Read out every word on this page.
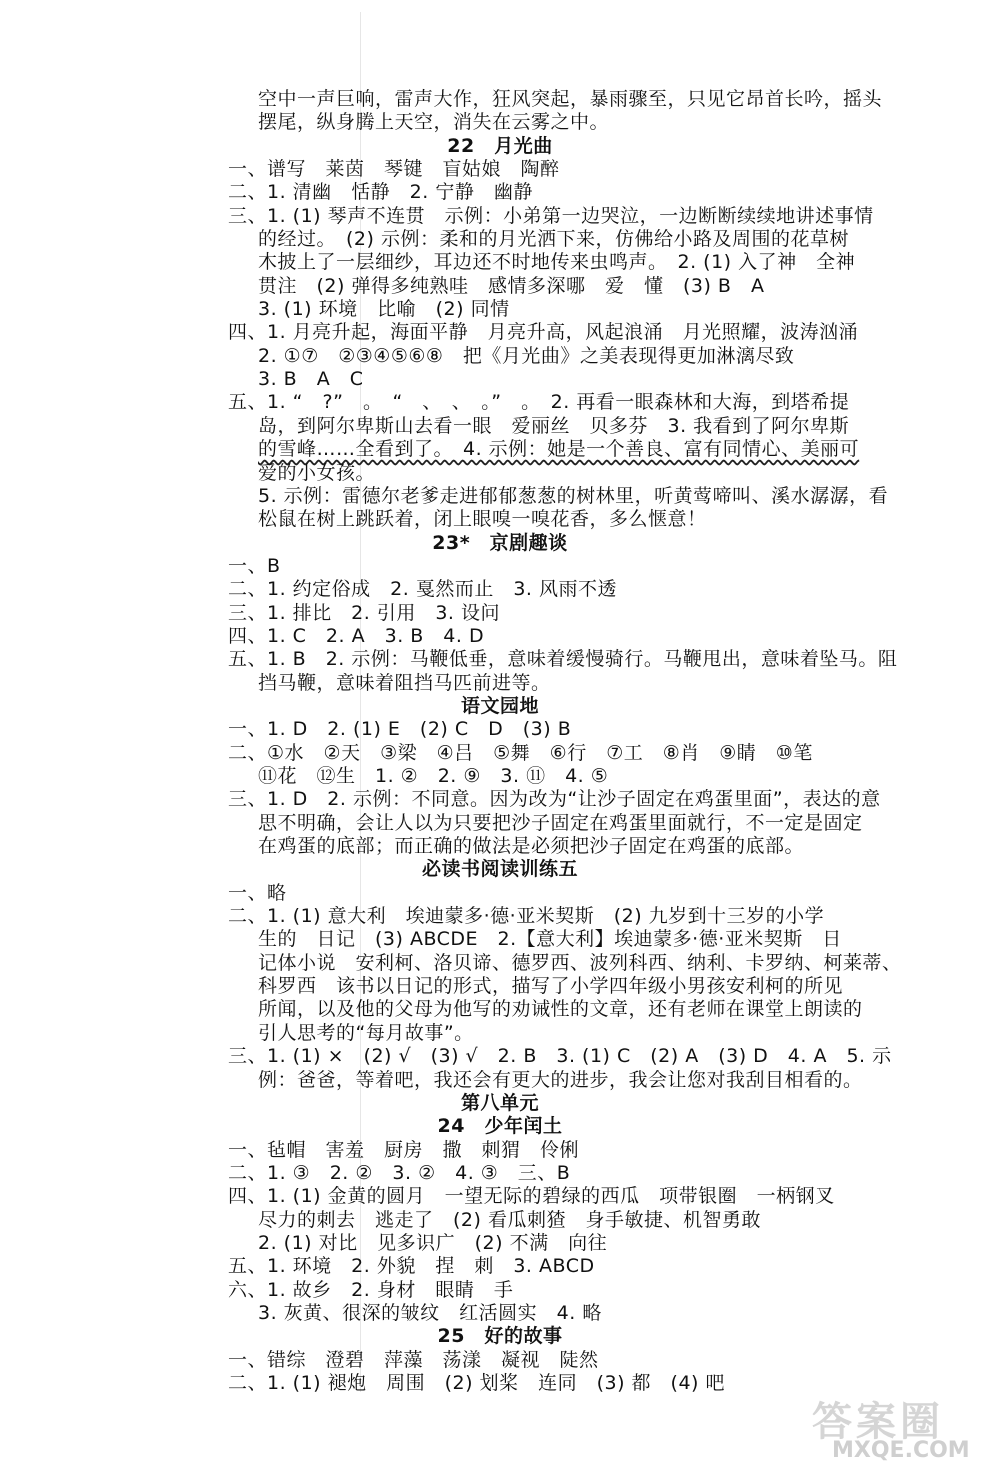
空中一声巨响，雷声大作，狂风突起，暴雨骤至，只见它昂首长吟，摇头
摆尾，纵身腾上天空，消失在云雾之中。
22　月光曲
一、谱写　莱茵　琴键　盲姑娘　陶醉
二、1. 清幽　恬静　2. 宁静　幽静
三、1. (1) 琴声不连贯　示例：小弟第一边哭泣，一边断断续续地讲述事情
的经过。　(2) 示例：柔和的月光洒下来，仿佛给小路及周围的花草树
木披上了一层细纱，耳边还不时地传来虫鸣声。　2. (1) 入了神　全神
贯注　(2) 弹得多纯熟哇　感情多深哪　爱　懂　(3) B　A
3. (1) 环境　比喻　(2) 同情
四、1. 月亮升起，海面平静　月亮升高，风起浪涌　月光照耀，波涛汹涌
2. ①⑦　②③④⑤⑥⑧　把《月光曲》之美表现得更加淋漓尽致
3. B　A　C
五、1. “　?”　。　“　、　、　。”　。　2. 再看一眼森林和大海，到塔希提
岛，到阿尔卑斯山去看一眼　爱丽丝　贝多芬　3. 我看到了阿尔卑斯
的雪峰……全看到了。　4. 示例：她是一个善良、富有同情心、美丽可
爱的小女孩。
5. 示例：雷德尔老爹走进郁郁葱葱的树林里，听黄莺啼叫、溪水潺潺，看
松鼠在树上跳跃着，闭上眼嗅一嗅花香，多么惬意！
23*　京剧趣谈
一、B
二、1. 约定俗成　2. 戛然而止　3. 风雨不透
三、1. 排比　2. 引用　3. 设问
四、1. C　2. A　3. B　4. D
五、1. B　2. 示例：马鞭低垂，意味着缓慢骑行。马鞭甩出，意味着坠马。阻
挡马鞭，意味着阻挡马匹前进等。
语文园地
一、1. D　2. (1) E　(2) C　D　(3) B
二、①水　②天　③梁　④吕　⑤舞　⑥行　⑦工　⑧肖　⑨睛　⑩笔
⑪花　⑫生　1. ②　2. ⑨　3. ⑪　4. ⑤
三、1. D　2. 示例：不同意。因为改为“让沙子固定在鸡蛋里面”，表达的意
思不明确，会让人以为只要把沙子固定在鸡蛋里面就行，不一定是固定
在鸡蛋的底部；而正确的做法是必须把沙子固定在鸡蛋的底部。
必读书阅读训练五
一、略
二、1. (1) 意大利　埃迪蒙多·德·亚米契斯　(2) 九岁到十三岁的小学
生的　日记　(3) ABCDE　2.【意大利】埃迪蒙多·德·亚米契斯　日
记体小说　安利柯、洛贝谛、德罗西、波列科西、纳利、卡罗纳、柯莱蒂、
科罗西　该书以日记的形式，描写了小学四年级小男孩安利柯的所见
所闻，以及他的父母为他写的劝诫性的文章，还有老师在课堂上朗读的
引人思考的“每月故事”。
三、1. (1) ×　(2) √　(3) √　2. B　3. (1) C　(2) A　(3) D　4. A　5. 示
例：爸爸，等着吧，我还会有更大的进步，我会让您对我刮目相看的。
第八单元
24　少年闰土
一、毡帽　害羞　厨房　撒　刺猬　伶俐
二、1. ③　2. ②　3. ②　4. ③　三、B
四、1. (1) 金黄的圆月　一望无际的碧绿的西瓜　项带银圈　一柄钢叉
尽力的刺去　逃走了　(2) 看瓜刺猹　身手敏捷、机智勇敢
2. (1) 对比　见多识广　(2) 不满　向往
五、1. 环境　2. 外貌　捏　刺　3. ABCD
六、1. 故乡　2. 身材　眼睛　手
3. 灰黄、很深的皱纹　红活圆实　4. 略
25　好的故事
一、错综　澄碧　萍藻　荡漾　凝视　陡然
二、1. (1) 褪炮　周围　(2) 划桨　连同　(3) 都　(4) 吧
答案圈
MXQE.COM
